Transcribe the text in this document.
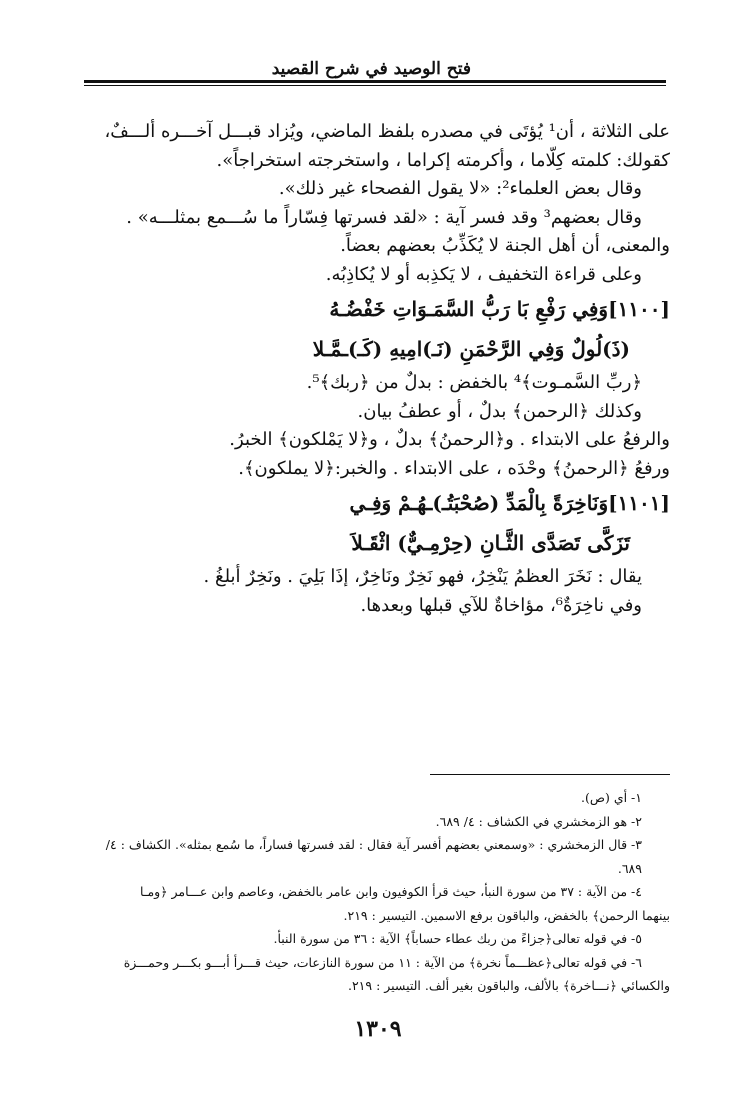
فتح الوصيد في شرح القصيد

على الثلاثة ، أن¹ يُؤتَى في مصدره بلفظ الماضي، ويُزاد قبـــل آخـــره ألـــفٌ،

كقولك: كلمته كِلّاما ، وأكرمته إكراما ، واستخرجته استخراجاً».

وقال بعض العلماء²: «لا يقول الفصحاء غير ذلك».

وقال بعضهم³ وقد فسر آية : «لقد فسرتها فِسّاراً ما سُـــمع بمثلـــه» .

والمعنى، أن أهل الجنة لا يُكَذِّبُ بعضهم بعضاً.

وعلى قراءة التخفيف ، لا يَكذِبه أو لا يُكاذِبُه.

[١١٠٠]وَفِي رَفْعِ بَا رَبُّ السَّمَـوَاتِ خَفْضُـهُ

(ذَ)لُولٌ وَفِي الرَّحْمَنِ (نَـ)امِيهِ (كَـ)ـمَّـلا

﴿ربِّ السَّمـوت﴾⁴ بالخفض : بدلٌ من ﴿ربك﴾⁵.

وكذلك ﴿الرحمن﴾ بدلٌ ، أو عطفُ بيان.

والرفعُ على الابتداء . و﴿الرحمنُ﴾ بدلٌ ، و﴿لا يَمْلكون﴾ الخبرُ.

ورفعُ ﴿الرحمنُ﴾ وحْدَه ، على الابتداء . والخبر:﴿لا يملكون﴾.

[١١٠١]وَنَاخِرَةً بِالْمَدِّ (صُحْبَتُـ)ـهُـمْ وَفِـي

تَزَكَّى تَصَدَّى الثَّـانِ (حِرْمِـيٌّ) اثْقَـلاَ

يقال : نَخَرَ العظمُ يَنْخِرُ، فهو نَخِرٌ ونَاخِرٌ، إذَا بَلِيَ . ونَخِرٌ أبلغُ .

وفي ناخِرَةٌ⁶، مؤاخاةٌ للآي قبلها وبعدها.

١- أي (ص).

٢- هو الزمخشري في الكشاف : ٤/ ٦٨٩.

٣- قال الزمخشري : «وسمعني بعضهم أفسر آية فقال : لقد فسرتها فساراً، ما سُمع بمثله». الكشاف : ٤/ ٦٨٩.

٤- من الآية : ٣٧ من سورة النبأ، حيث قرأ الكوفيون وابن عامر بالخفض، وعاصم وابن عـــامر ﴿ومـا

بينهما الرحمن﴾ بالخفض، والباقون برفع الاسمين. التيسير : ٢١٩.

٥- في قوله تعالى﴿جزاءً من ربك عطاء حساباً﴾ الآية : ٣٦ من سورة النبأ.

٦- في قوله تعالى﴿عظـــماً نخرة﴾ من الآية : ١١ من سورة النازعات، حيث قـــرأ أبـــو بكـــر وحمـــزة

والكسائي ﴿نـــاخرة﴾ بالألف، والباقون بغير ألف. التيسير : ٢١٩.

١٣٠٩
